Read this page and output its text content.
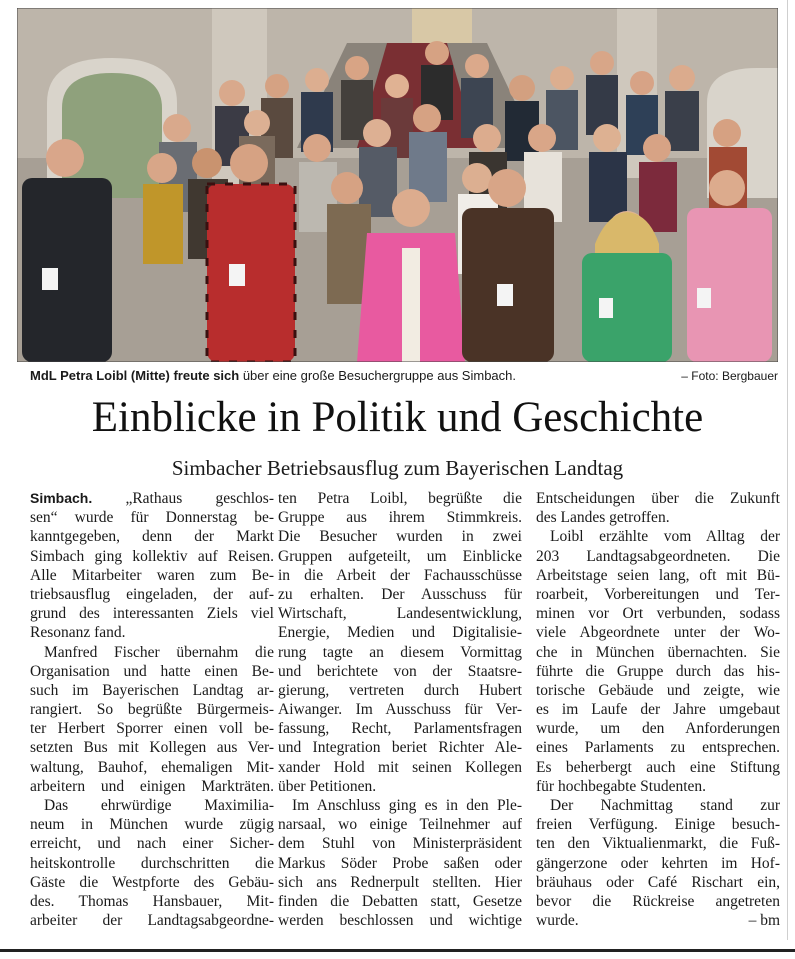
MdL Petra Loibl (Mitte) freute sich über eine große Besuchergruppe aus Simbach.	– Foto: Bergbauer
Einblicke in Politik und Geschichte
Simbacher Betriebsausflug zum Bayerischen Landtag
Simbach. „Rathaus geschlos-
sen“ wurde für Donnerstag be-
kanntgegeben, denn der Markt
Simbach ging kollektiv auf Reisen.
Alle Mitarbeiter waren zum Be-
triebsausflug eingeladen, der auf-
grund des interessanten Ziels viel
Resonanz fand.
Manfred Fischer übernahm die
Organisation und hatte einen Be-
such im Bayerischen Landtag ar-
rangiert. So begrüßte Bürgermeis-
ter Herbert Sporrer einen voll be-
setzten Bus mit Kollegen aus Ver-
waltung, Bauhof, ehemaligen Mit-
arbeitern und einigen Markträten.
Das ehrwürdige Maximilia-
neum in München wurde zügig
erreicht, und nach einer Sicher-
heitskontrolle durchschritten die
Gäste die Westpforte des Gebäu-
des. Thomas Hansbauer, Mit-
arbeiter der Landtagsabgeordne-
ten Petra Loibl, begrüßte die
Gruppe aus ihrem Stimmkreis.
Die Besucher wurden in zwei
Gruppen aufgeteilt, um Einblicke
in die Arbeit der Fachausschüsse
zu erhalten. Der Ausschuss für
Wirtschaft, Landesentwicklung,
Energie, Medien und Digitalisie-
rung tagte an diesem Vormittag
und berichtete von der Staatsre-
gierung, vertreten durch Hubert
Aiwanger. Im Ausschuss für Ver-
fassung, Recht, Parlamentsfragen
und Integration beriet Richter Ale-
xander Hold mit seinen Kollegen
über Petitionen.
Im Anschluss ging es in den Ple-
narsaal, wo einige Teilnehmer auf
dem Stuhl von Ministerpräsident
Markus Söder Probe saßen oder
sich ans Rednerpult stellten. Hier
finden die Debatten statt, Gesetze
werden beschlossen und wichtige
Entscheidungen über die Zukunft
des Landes getroffen.
Loibl erzählte vom Alltag der
203 Landtagsabgeordneten. Die
Arbeitstage seien lang, oft mit Bü-
roarbeit, Vorbereitungen und Ter-
minen vor Ort verbunden, sodass
viele Abgeordnete unter der Wo-
che in München übernachten. Sie
führte die Gruppe durch das his-
torische Gebäude und zeigte, wie
es im Laufe der Jahre umgebaut
wurde, um den Anforderungen
eines Parlaments zu entsprechen.
Es beherbergt auch eine Stiftung
für hochbegabte Studenten.
Der Nachmittag stand zur
freien Verfügung. Einige besuch-
ten den Viktualienmarkt, die Fuß-
gängerzone oder kehrten im Hof-
bräuhaus oder Café Rischart ein,
bevor die Rückreise angetreten
wurde.	– bm
